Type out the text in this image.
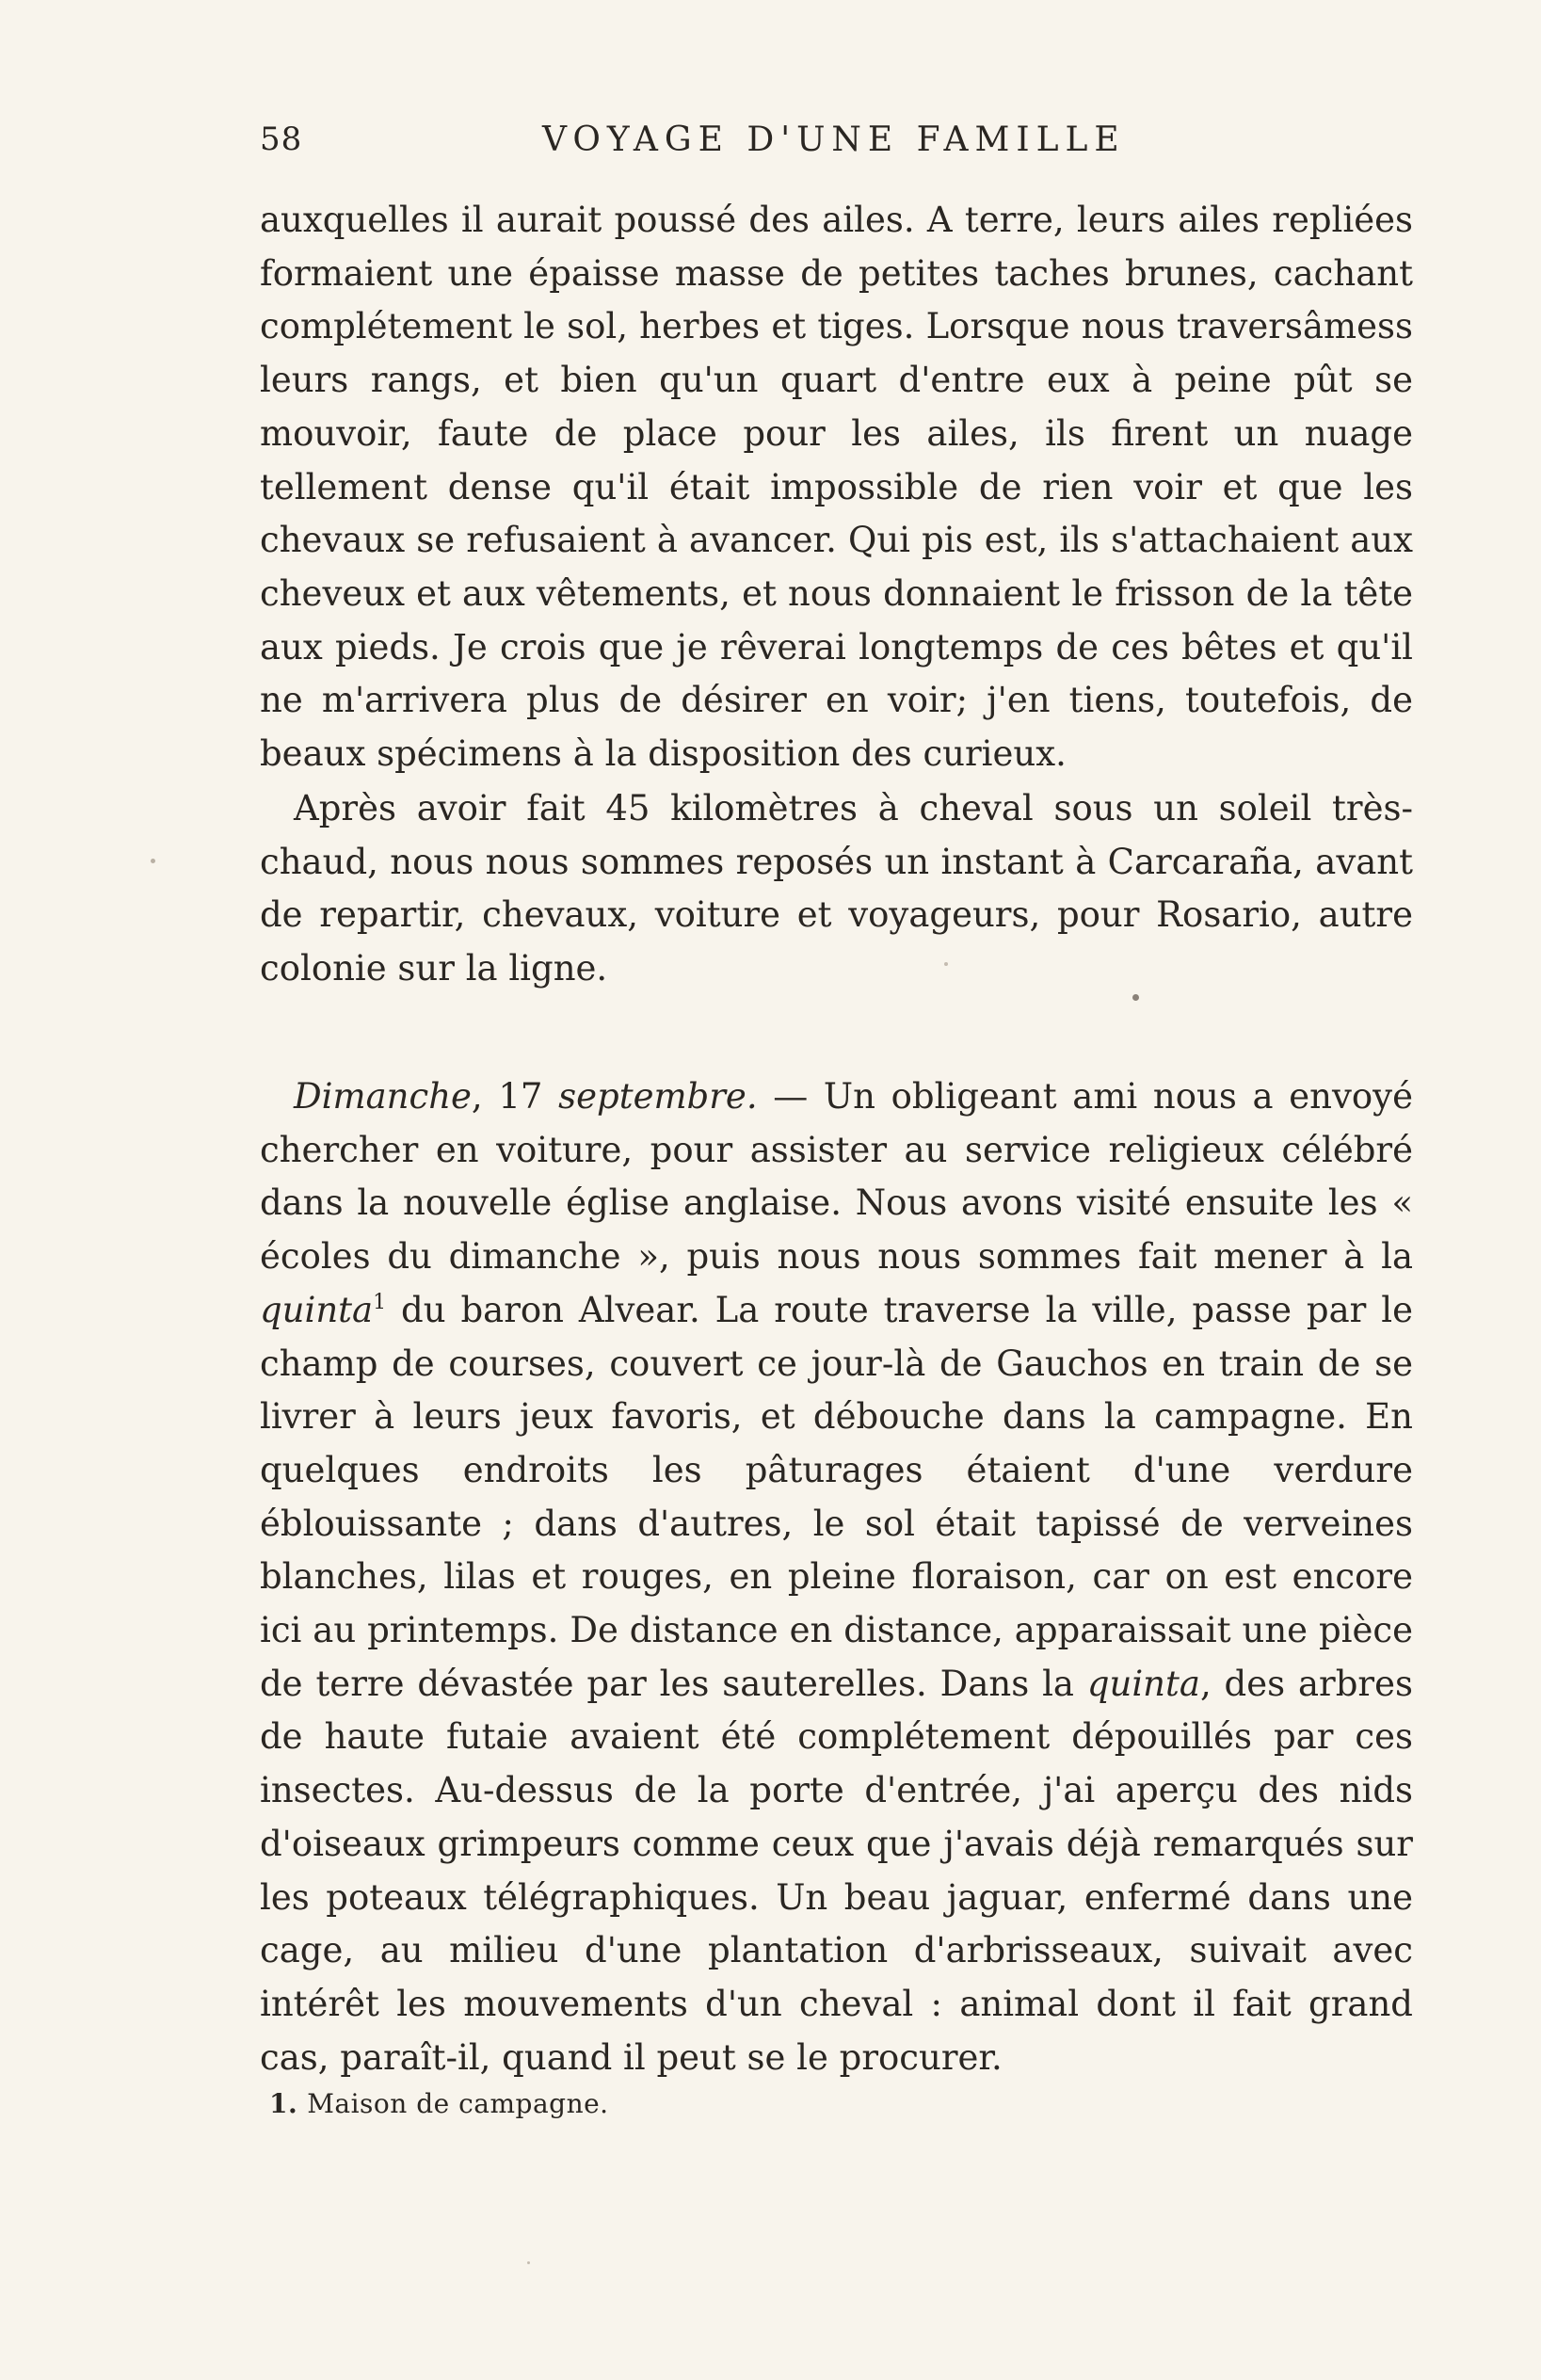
58	VOYAGE D'UNE FAMILLE

auxquelles il aurait poussé des ailes. A terre, leurs ailes repliées formaient une épaisse masse de petites taches brunes, cachant complétement le sol, herbes et tiges. Lorsque nous traversâmess leurs rangs, et bien qu'un quart d'entre eux à peine pût se mouvoir, faute de place pour les ailes, ils firent un nuage tellement dense qu'il était impossible de rien voir et que les chevaux se refusaient à avancer. Qui pis est, ils s'attachaient aux cheveux et aux vêtements, et nous donnaient le frisson de la tête aux pieds. Je crois que je rêverai longtemps de ces bêtes et qu'il ne m'arrivera plus de désirer en voir; j'en tiens, toutefois, de beaux spécimens à la disposition des curieux.

Après avoir fait 45 kilomètres à cheval sous un soleil très-chaud, nous nous sommes reposés un instant à Carcaraña, avant de repartir, chevaux, voiture et voyageurs, pour Rosario, autre colonie sur la ligne.

Dimanche, 17 septembre. — Un obligeant ami nous a envoyé chercher en voiture, pour assister au service religieux célébré dans la nouvelle église anglaise. Nous avons visité ensuite les « écoles du dimanche », puis nous nous sommes fait mener à la quinta$^1$ du baron Alvear. La route traverse la ville, passe par le champ de courses, couvert ce jour-là de Gauchos en train de se livrer à leurs jeux favoris, et débouche dans la campagne. En quelques endroits les pâturages étaient d'une verdure éblouissante ; dans d'autres, le sol était tapissé de verveines blanches, lilas et rouges, en pleine floraison, car on est encore ici au printemps. De distance en distance, apparaissait une pièce de terre dévastée par les sauterelles. Dans la quinta, des arbres de haute futaie avaient été complétement dépouillés par ces insectes. Au-dessus de la porte d'entrée, j'ai aperçu des nids d'oiseaux grimpeurs comme ceux que j'avais déjà remarqués sur les poteaux télégraphiques. Un beau jaguar, enfermé dans une cage, au milieu d'une plantation d'arbrisseaux, suivait avec intérêt les mouvements d'un cheval : animal dont il fait grand cas, paraît-il, quand il peut se le procurer.

1. Maison de campagne.
